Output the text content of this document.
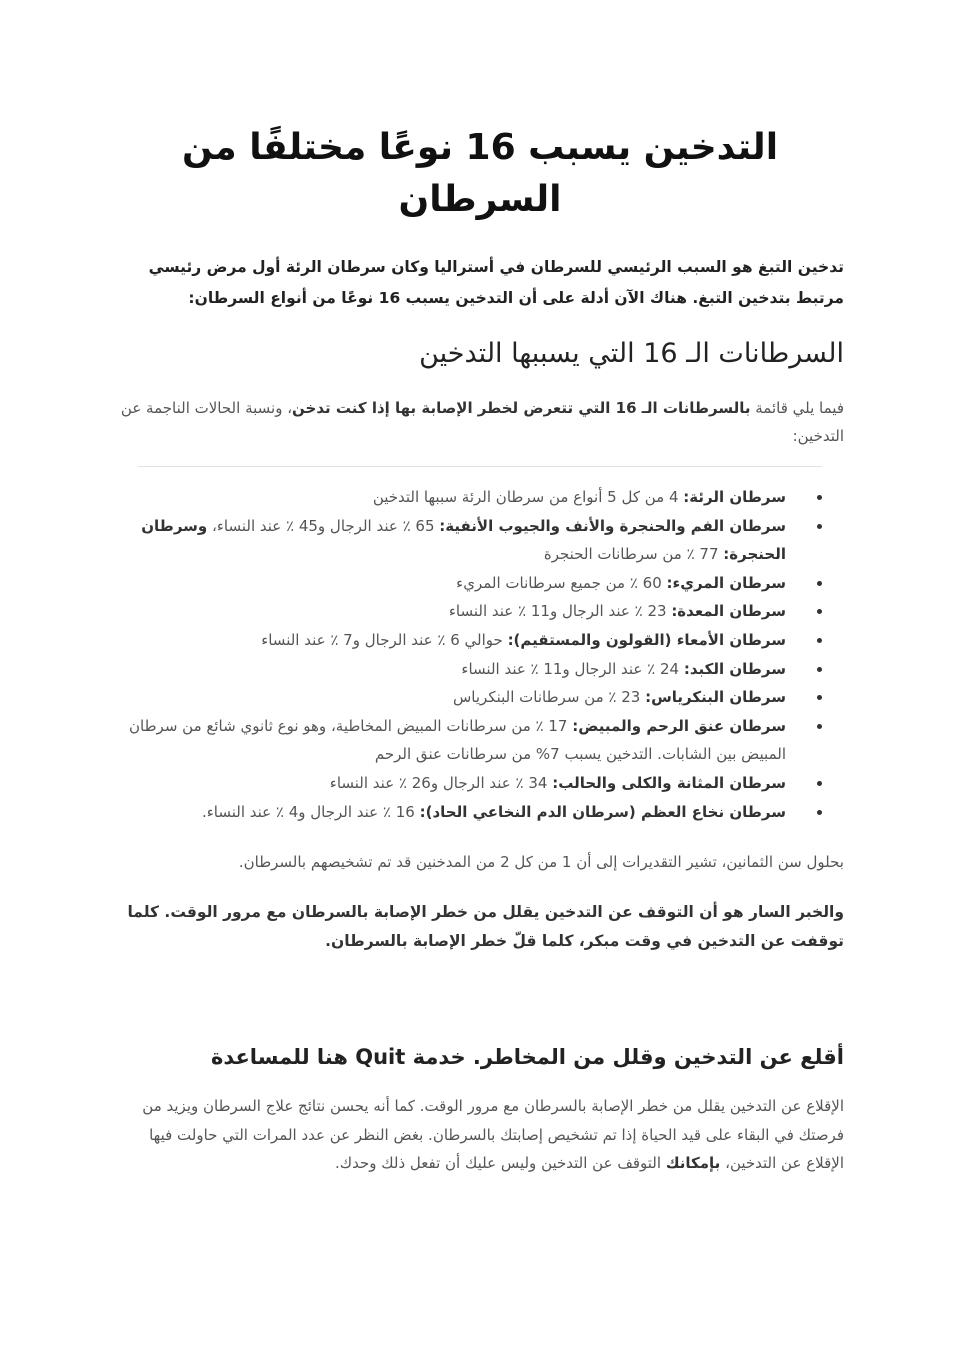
التدخين يسبب 16 نوعًا مختلفًا من السرطان

تدخين التبغ هو السبب الرئيسي للسرطان في أستراليا وكان سرطان الرئة أول مرض رئيسي مرتبط بتدخين التبغ. هناك الآن أدلة على أن التدخين يسبب 16 نوعًا من أنواع السرطان:

السرطانات الـ 16 التي يسببها التدخين

فيما يلي قائمة بالسرطانات الـ 16 التي تتعرض لخطر الإصابة بها إذا كنت تدخن، ونسبة الحالات الناجمة عن التدخين:

سرطان الرئة: 4 من كل 5 أنواع من سرطان الرئة سببها التدخين
سرطان الفم والحنجرة والأنف والجيوب الأنفية: 65 ٪ عند الرجال و45 ٪ عند النساء، وسرطان الحنجرة: 77 ٪ من سرطانات الحنجرة
سرطان المريء: 60 ٪ من جميع سرطانات المريء
سرطان المعدة: 23 ٪ عند الرجال و11 ٪ عند النساء
سرطان الأمعاء (القولون والمستقيم): حوالي 6 ٪ عند الرجال و7 ٪ عند النساء
سرطان الكبد: 24 ٪ عند الرجال و11 ٪ عند النساء
سرطان البنكرياس: 23 ٪ من سرطانات البنكرياس
سرطان عنق الرحم والمبيض: 17 ٪ من سرطانات المبيض المخاطية، وهو نوع ثانوي شائع من سرطان المبيض بين الشابات. التدخين يسبب 7% من سرطانات عنق الرحم
سرطان المثانة والكلى والحالب: 34 ٪ عند الرجال و26 ٪ عند النساء
سرطان نخاع العظم (سرطان الدم النخاعي الحاد): 16 ٪ عند الرجال و4 ٪ عند النساء.

بحلول سن الثمانين، تشير التقديرات إلى أن 1 من كل 2 من المدخنين قد تم تشخيصهم بالسرطان.

والخبر السار هو أن التوقف عن التدخين يقلل من خطر الإصابة بالسرطان مع مرور الوقت. كلما توقفت عن التدخين في وقت مبكر، كلما قلّ خطر الإصابة بالسرطان.

أقلع عن التدخين وقلل من المخاطر. خدمة Quit هنا للمساعدة

الإقلاع عن التدخين يقلل من خطر الإصابة بالسرطان مع مرور الوقت. كما أنه يحسن نتائج علاج السرطان ويزيد من فرصتك في البقاء على قيد الحياة إذا تم تشخيص إصابتك بالسرطان. بغض النظر عن عدد المرات التي حاولت فيها الإقلاع عن التدخين، بإمكانك التوقف عن التدخين وليس عليك أن تفعل ذلك وحدك.
